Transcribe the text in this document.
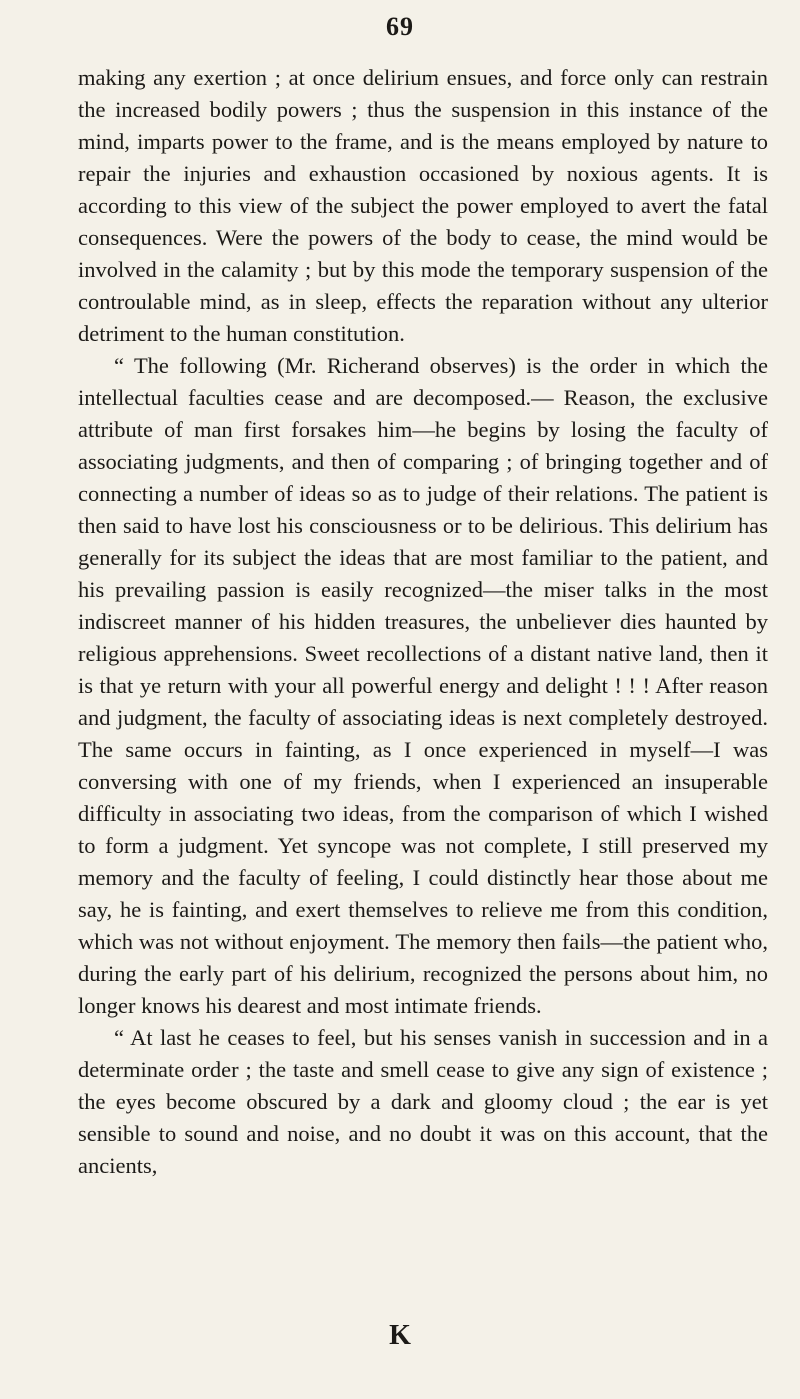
69

making any exertion ; at once delirium ensues, and force only can restrain the increased bodily powers ; thus the suspension in this instance of the mind, imparts power to the frame, and is the means employed by nature to repair the injuries and exhaustion occasioned by noxious agents. It is according to this view of the subject the power employed to avert the fatal consequences. Were the powers of the body to cease, the mind would be involved in the calamity ; but by this mode the temporary suspension of the controulable mind, as in sleep, effects the reparation without any ulterior detriment to the human constitution.

“ The following (Mr. Richerand observes) is the order in which the intellectual faculties cease and are decomposed.— Reason, the exclusive attribute of man first forsakes him—he begins by losing the faculty of associating judgments, and then of comparing ; of bringing together and of connecting a number of ideas so as to judge of their relations. The patient is then said to have lost his consciousness or to be delirious. This delirium has generally for its subject the ideas that are most familiar to the patient, and his prevailing passion is easily recognized—the miser talks in the most indiscreet manner of his hidden treasures, the unbeliever dies haunted by religious apprehensions. Sweet recollections of a distant native land, then it is that ye return with your all powerful energy and delight ! ! ! After reason and judgment, the faculty of associating ideas is next completely destroyed. The same occurs in fainting, as I once experienced in myself—I was conversing with one of my friends, when I experienced an insuperable difficulty in associating two ideas, from the comparison of which I wished to form a judgment. Yet syncope was not complete, I still preserved my memory and the faculty of feeling, I could distinctly hear those about me say, he is fainting, and exert themselves to relieve me from this condition, which was not without enjoyment. The memory then fails—the patient who, during the early part of his delirium, recognized the persons about him, no longer knows his dearest and most intimate friends.

“ At last he ceases to feel, but his senses vanish in succession and in a determinate order ; the taste and smell cease to give any sign of existence ; the eyes become obscured by a dark and gloomy cloud ; the ear is yet sensible to sound and noise, and no doubt it was on this account, that the ancients,

K
